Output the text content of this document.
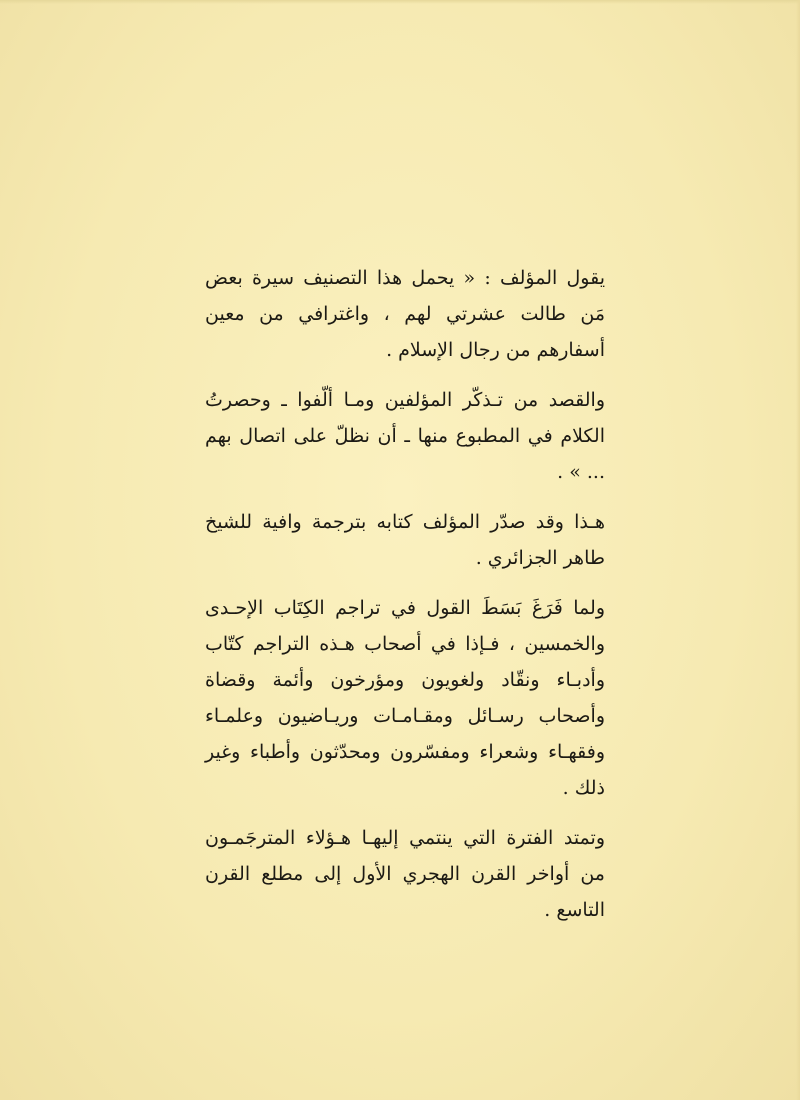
يقول المؤلف : « يحمل هذا التصنيف سيرة بعض مَن طالت عشرتي لهم ، واغترافي من معين أسفارهم من رجال الإسلام .

والقصد من تـذكّر المؤلفين ومـا ألّفوا ـ وحصرتُ الكلام في المطبوع منها ـ أن نظلّ على اتصال بهم ... » .

هـذا وقد صدّر المؤلف كتابه بترجمة وافية للشيخ طاهر الجزائري .

ولما فَرَغَ بَسَطَ القول في تراجم الكِتَاب الإحـدى والخمسين ، فـإذا في أصحاب هـذه التراجم كتّاب وأدبـاء ونقّاد ولغويون ومؤرخون وأئمة وقضاة وأصحاب رسـائل ومقـامـات وريـاضيون وعلمـاء وفقهـاء وشعراء ومفسّرون ومحدّثون وأطباء وغير ذلك .

وتمتد الفترة التي ينتمي إليهـا هـؤلاء المترجَمـون من أواخر القرن الهجري الأول إلى مطلع القرن التاسع .
